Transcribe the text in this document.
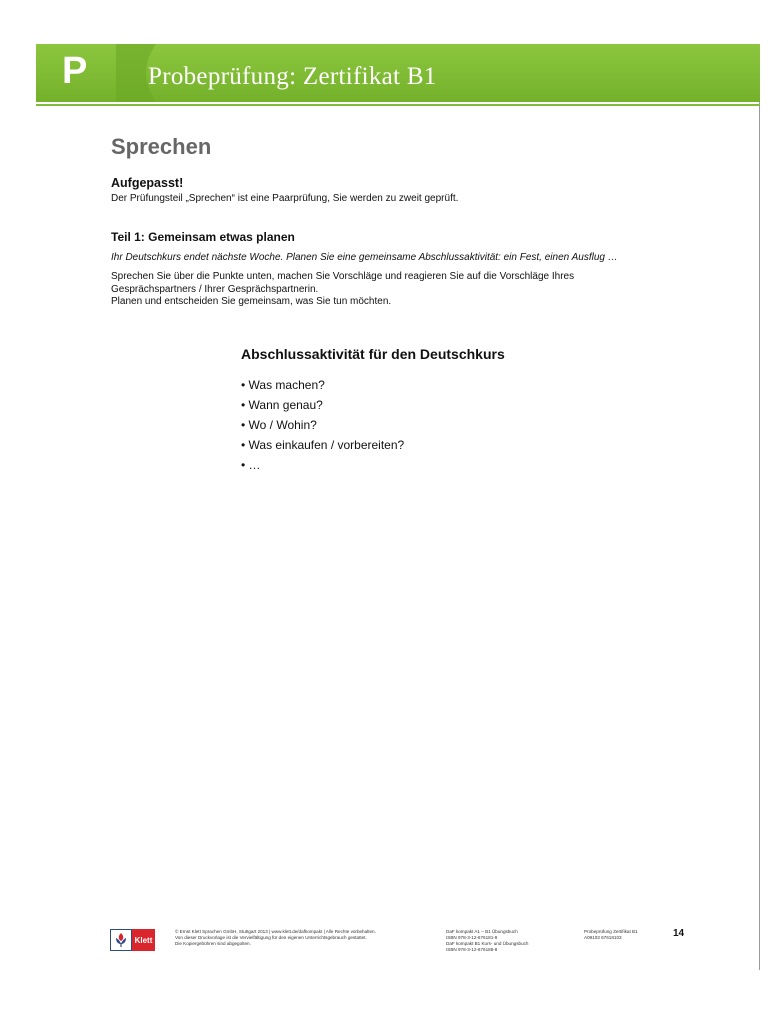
P Probeprüfung: Zertifikat B1
Sprechen
Aufgepasst!
Der Prüfungsteil „Sprechen“ ist eine Paarprüfung, Sie werden zu zweit geprüft.
Teil 1: Gemeinsam etwas planen
Ihr Deutschkurs endet nächste Woche. Planen Sie eine gemeinsame Abschlussaktivität: ein Fest, einen Ausflug …
Sprechen Sie über die Punkte unten, machen Sie Vorschläge und reagieren Sie auf die Vorschläge Ihres
Gesprächspartners / Ihrer Gesprächspartnerin.
Planen und entscheiden Sie gemeinsam, was Sie tun möchten.
Abschlussaktivität für den Deutschkurs
• Was machen?
• Wann genau?
• Wo / Wohin?
• Was einkaufen / vorbereiten?
• …
Klett
© Ernst Klett Sprachen GmbH, Stuttgart 2013 | www.klett.de/dafkompakt | Alle Rechte vorbehalten.
Von dieser Druckvorlage ist die Vervielfältigung für den eigenen Unterrichtsgebrauch gestattet.
Die Kopiergebühren sind abgegolten.
DaF kompakt A1 – B1 Übungsbuch
ISBN 978-3-12-676181-9
DaF kompakt B1 Kurs- und Übungsbuch
ISBN 978-3-12-676188-8
Probeprüfung Zertifikat B1
A09103 67618103	14
